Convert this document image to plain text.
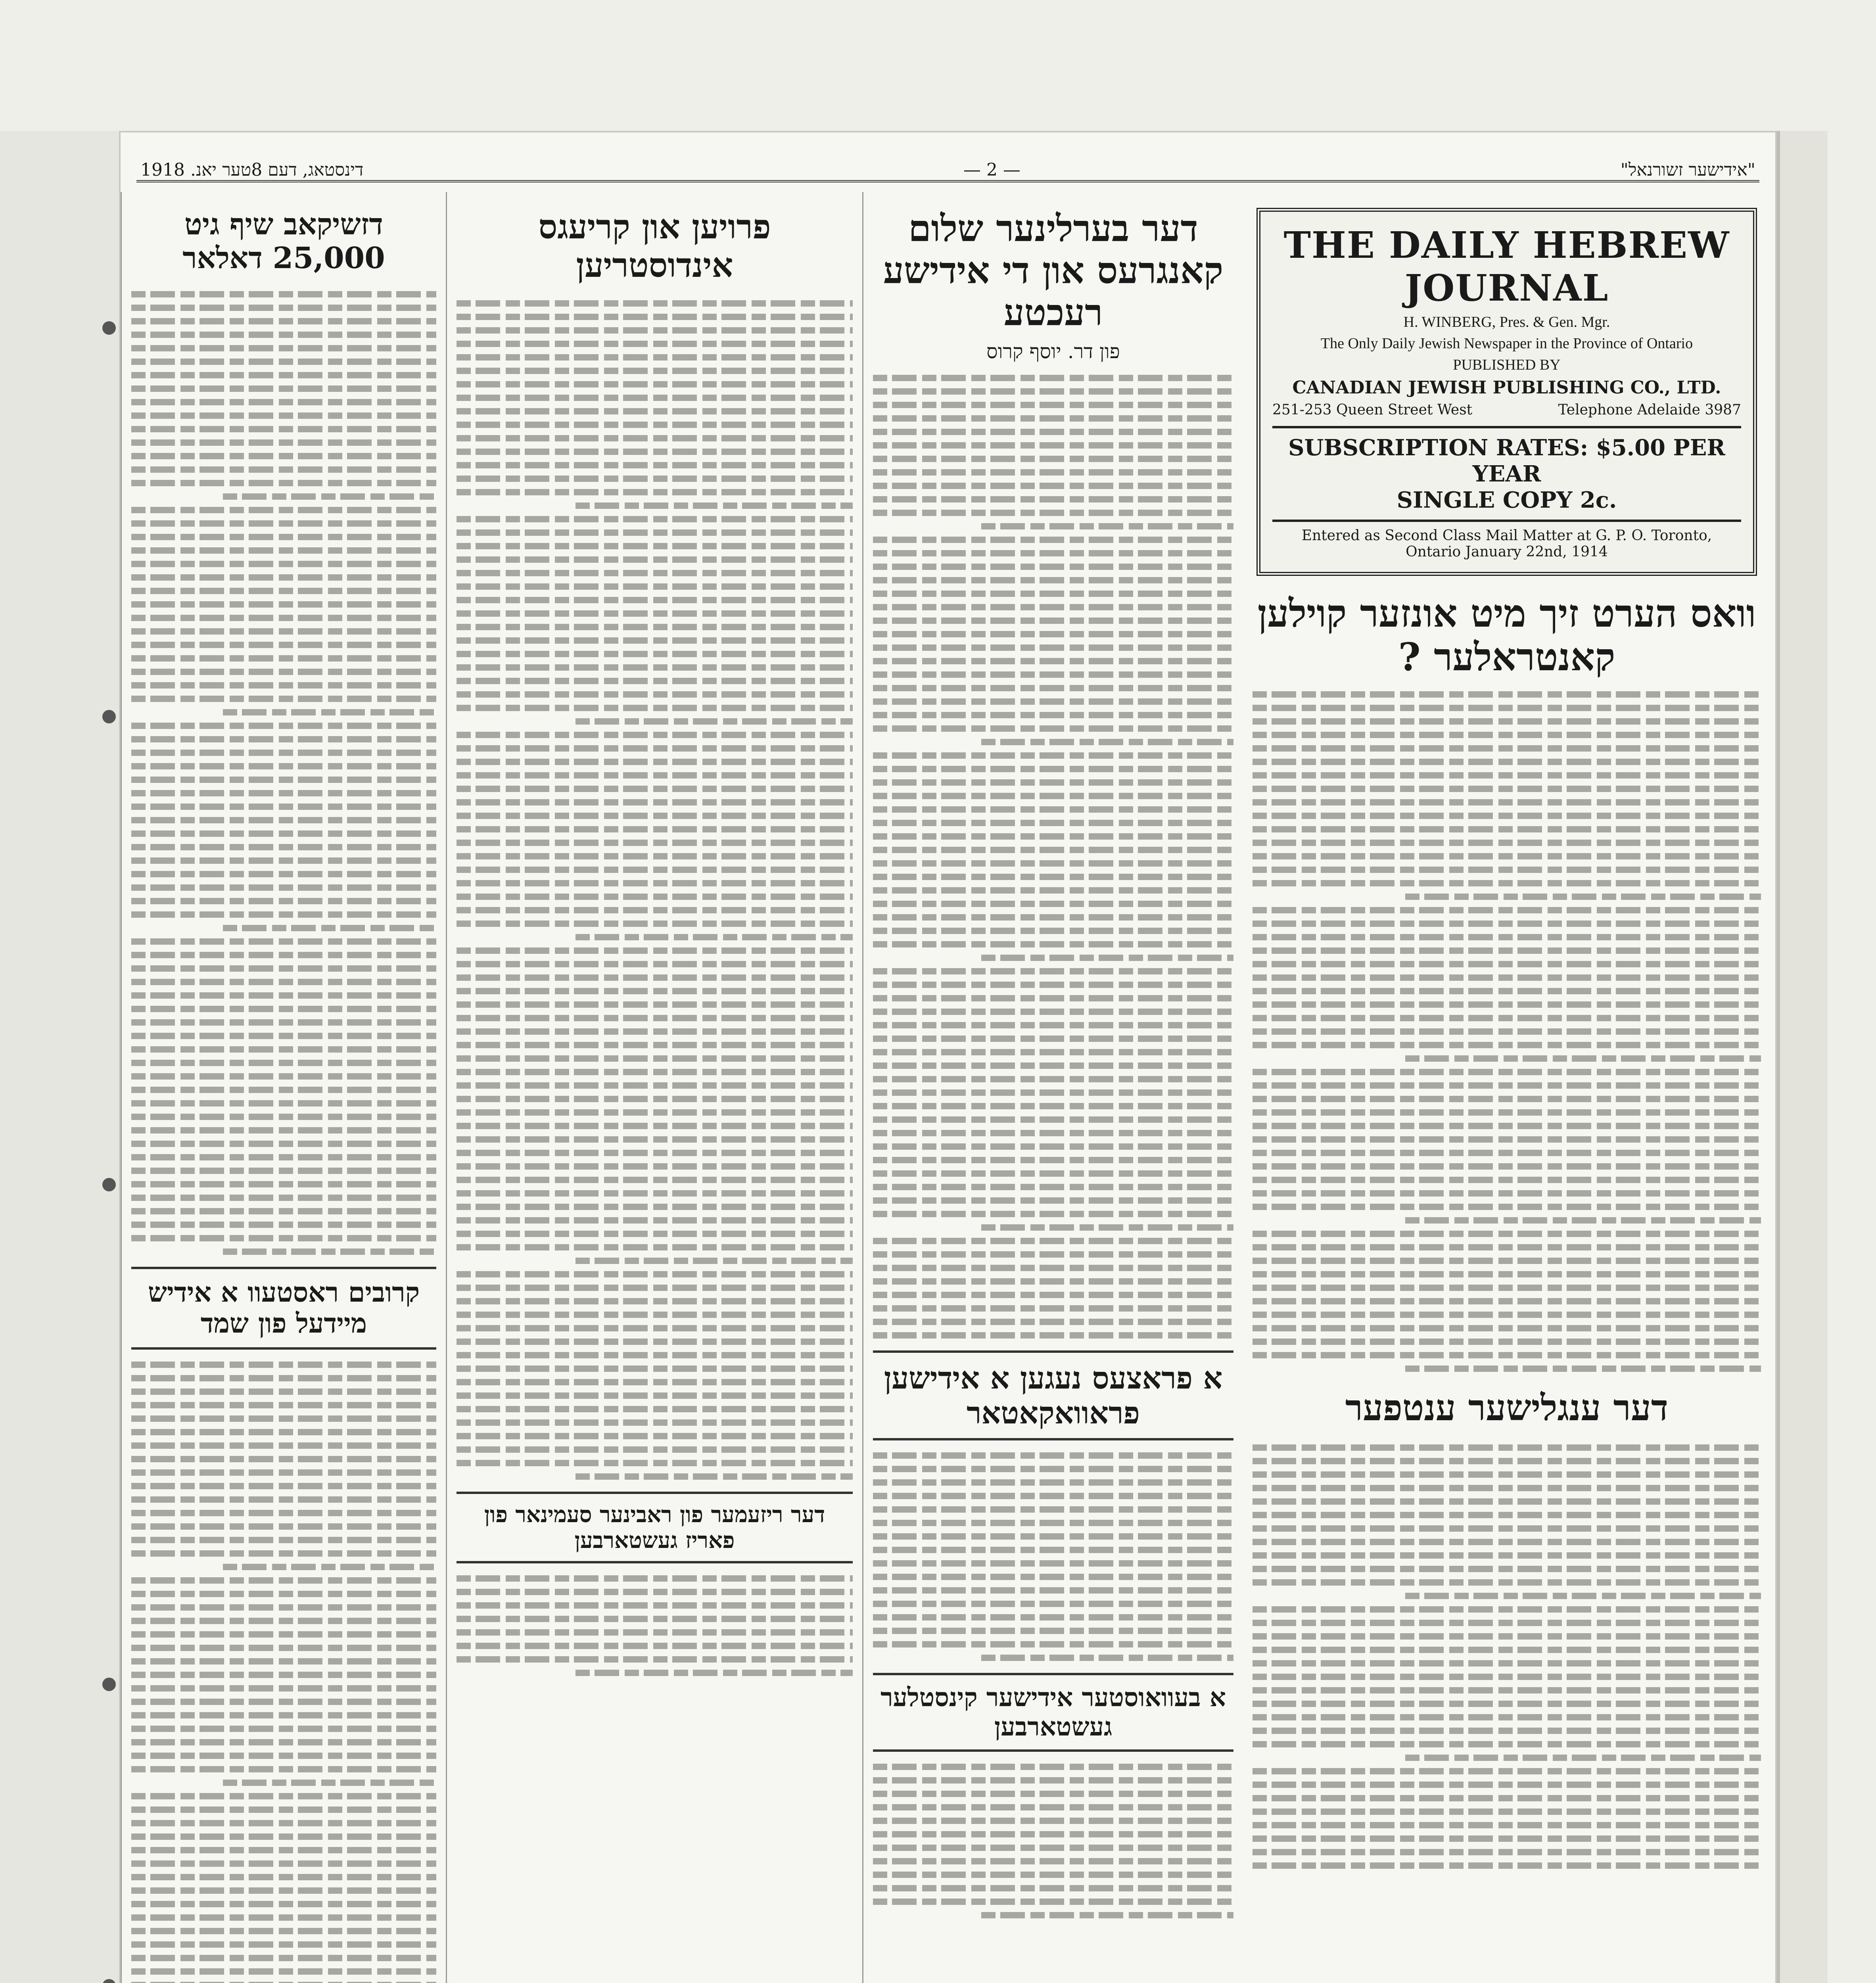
"אידישער זשורנאל"
— 2 —
דינסטאג, דעם 8טער יאנ. 1918
THE DAILY HEBREW JOURNAL
H. WINBERG, Pres. & Gen. Mgr.
The Only Daily Jewish Newspaper in the Province of Ontario
PUBLISHED BY
CANADIAN JEWISH PUBLISHING CO., LTD.
251-253 Queen Street West	Telephone Adelaide 3987
SUBSCRIPTION RATES: $5.00 PER YEAR
SINGLE COPY 2c.
Entered as Second Class Mail Matter at G. P. O. Toronto, Ontario January 22nd, 1914
וואס הערט זיך מיט אונזער קוילען קאנטראלער ?
דער ענגלישער ענטפער
דער בערלינער שלום קאנגרעס און די אידישע רעכטע
פון דר. יוסף קרוס
א פראצעס נעגען א אידישען פראוואקאטאר
א בעוואוסטער אידישער קינסטלער געשטארבען
פרויען און קריעגס אינדוסטריען
דער ריזעמער פון ראבינער סעמינאר פון פאריז געשטארבען
דזשיקאב שיף גיט 25,000 דאלאר
קרובים ראסטעוו א אידיש מיידעל פון שמד
